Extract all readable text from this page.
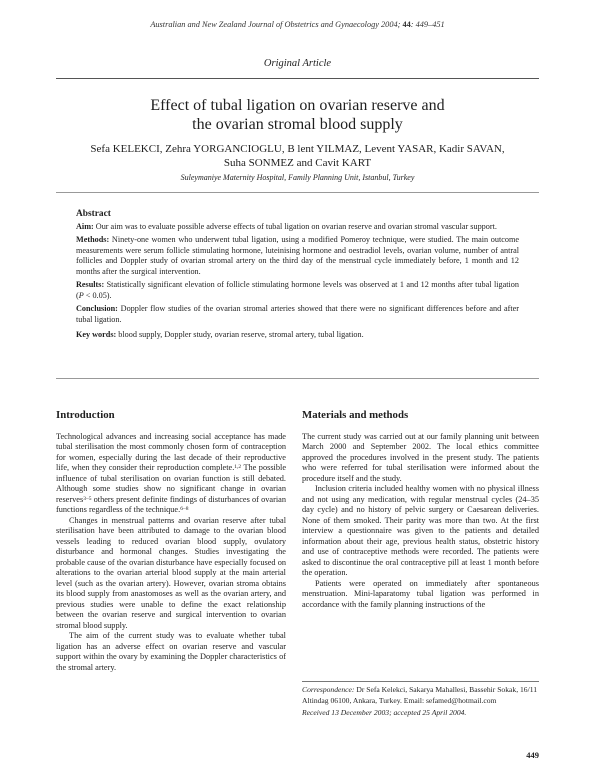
Australian and New Zealand Journal of Obstetrics and Gynaecology 2004; 44: 449–451
Original Article
Effect of tubal ligation on ovarian reserve and
the ovarian stromal blood supply
Sefa KELEKCI, Zehra YORGANCIOGLU, B lent YILMAZ, Levent YASAR, Kadir SAVAN,
Suha SONMEZ and Cavit KART
Suleymaniye Maternity Hospital, Family Planning Unit, Istanbul, Turkey
Abstract

Aim: Our aim was to evaluate possible adverse effects of tubal ligation on ovarian reserve and ovarian stromal vascular support.

Methods: Ninety-one women who underwent tubal ligation, using a modified Pomeroy technique, were studied. The main outcome measurements were serum follicle stimulating hormone, luteinising hormone and oestradiol levels, ovarian volume, number of antral follicles and Doppler study of ovarian stromal artery on the third day of the menstrual cycle immediately before, 1 month and 12 months after the surgical intervention.

Results: Statistically significant elevation of follicle stimulating hormone levels was observed at 1 and 12 months after tubal ligation (P < 0.05).

Conclusion: Doppler flow studies of the ovarian stromal arteries showed that there were no significant differences before and after tubal ligation.

Key words: blood supply, Doppler study, ovarian reserve, stromal artery, tubal ligation.

Introduction

Technological advances and increasing social acceptance has made tubal sterilisation the most commonly chosen form of contraception for women, especially during the last decade of their reproductive life, when they consider their reproduction complete.$^{1,2}$ The possible influence of tubal sterilisation on ovarian function is still debated. Although some studies show no significant change in ovarian reserves$^{3-5}$ others present definite findings of disturbances of ovarian functions regardless of the technique.$^{6-8}$

Changes in menstrual patterns and ovarian reserve after tubal sterilisation have been attributed to damage to the ovarian blood vessels leading to reduced ovarian blood supply, ovulatory disturbance and hormonal changes. Studies investigating the probable cause of the ovarian disturbance have especially focused on alterations to the ovarian arterial blood supply at the main arterial level (such as the ovarian artery). However, ovarian stroma obtains its blood supply from anastomoses as well as the ovarian artery, and previous studies were unable to define the exact relationship between the ovarian reserve and surgical intervention to ovarian stromal blood supply.

The aim of the current study was to evaluate whether tubal ligation has an adverse effect on ovarian reserve and vascular support within the ovary by examining the Doppler characteristics of the stromal artery.

Materials and methods

The current study was carried out at our family planning unit between March 2000 and September 2002. The local ethics committee approved the procedures involved in the present study. The patients who were referred for tubal sterilisation were informed about the procedure itself and the study.

Inclusion criteria included healthy women with no physical illness and not using any medication, with regular menstrual cycles (24–35 day cycle) and no history of pelvic surgery or Caesarean deliveries. None of them smoked. Their parity was more than two. At the first interview a questionnaire was given to the patients and detailed information about their age, previous health status, obstetric history and use of contraceptive methods were recorded. The patients were asked to discontinue the oral contraceptive pill at least 1 month before the operation.

Patients were operated on immediately after spontaneous menstruation. Mini-laparatomy tubal ligation was performed in accordance with the family planning instructions of the

Correspondence: Dr Sefa Kelekci, Sakarya Mahallesi, Bassehir Sokak, 16/11 Altindag 06100, Ankara, Turkey. Email: sefamed@hotmail.com
Received 13 December 2003; accepted 25 April 2004.
449
